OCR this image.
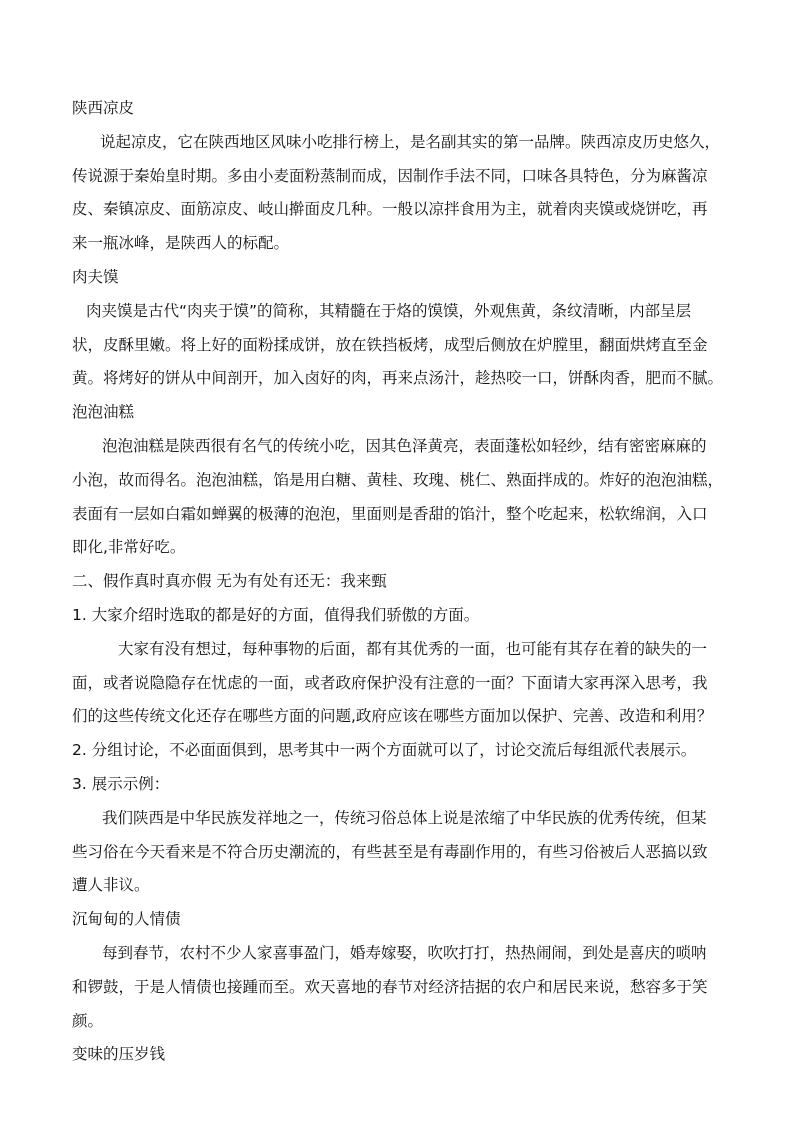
陕西凉皮

说起凉皮，它在陕西地区风味小吃排行榜上，是名副其实的第一品牌。陕西凉皮历史悠久，

传说源于秦始皇时期。多由小麦面粉蒸制而成，因制作手法不同，口味各具特色，分为麻酱凉

皮、秦镇凉皮、面筋凉皮、岐山擀面皮几种。一般以凉拌食用为主，就着肉夹馍或烧饼吃，再

来一瓶冰峰，是陕西人的标配。

肉夫馍

肉夹馍是古代“肉夹于馍”的简称，其精髓在于烙的馍馍，外观焦黄，条纹清晰，内部呈层

状，皮酥里嫩。将上好的面粉揉成饼，放在铁挡板烤，成型后侧放在炉膛里，翻面烘烤直至金

黄。将烤好的饼从中间剖开，加入卤好的肉，再来点汤汁，趁热咬一口，饼酥肉香，肥而不腻。

泡泡油糕

泡泡油糕是陕西很有名气的传统小吃，因其色泽黄亮，表面蓬松如轻纱，结有密密麻麻的

小泡，故而得名。泡泡油糕，馅是用白糖、黄桂、玫瑰、桃仁、熟面拌成的。炸好的泡泡油糕，

表面有一层如白霜如蝉翼的极薄的泡泡，里面则是香甜的馅汁，整个吃起来，松软绵润，入口

即化,非常好吃。

二、假作真时真亦假 无为有处有还无：我来甄

1. 大家介绍时选取的都是好的方面，值得我们骄傲的方面。

大家有没有想过，每种事物的后面，都有其优秀的一面，也可能有其存在着的缺失的一

面，或者说隐隐存在忧虑的一面，或者政府保护没有注意的一面？下面请大家再深入思考，我

们的这些传统文化还存在哪些方面的问题,政府应该在哪些方面加以保护、完善、改造和利用？

2. 分组讨论，不必面面俱到，思考其中一两个方面就可以了，讨论交流后每组派代表展示。

3. 展示示例：

我们陕西是中华民族发祥地之一，传统习俗总体上说是浓缩了中华民族的优秀传统，但某

些习俗在今天看来是不符合历史潮流的，有些甚至是有毒副作用的，有些习俗被后人恶搞以致

遭人非议。

沉甸甸的人情债

每到春节，农村不少人家喜事盈门，婚寿嫁娶，吹吹打打，热热闹闹，到处是喜庆的唢呐

和锣鼓，于是人情债也接踵而至。欢天喜地的春节对经济拮据的农户和居民来说，愁容多于笑

颜。

变味的压岁钱
